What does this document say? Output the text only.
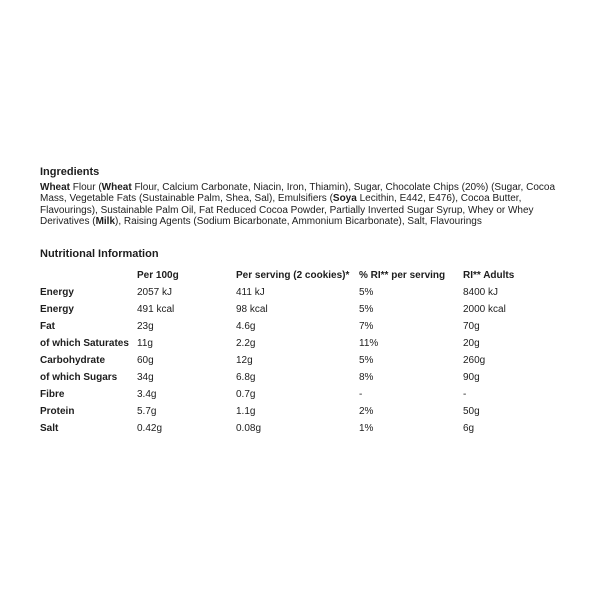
Ingredients

Wheat Flour (Wheat Flour, Calcium Carbonate, Niacin, Iron, Thiamin), Sugar, Chocolate Chips (20%) (Sugar, Cocoa Mass, Vegetable Fats (Sustainable Palm, Shea, Sal), Emulsifiers (Soya Lecithin, E442, E476), Cocoa Butter, Flavourings), Sustainable Palm Oil, Fat Reduced Cocoa Powder, Partially Inverted Sugar Syrup, Whey or Whey Derivatives (Milk), Raising Agents (Sodium Bicarbonate, Ammonium Bicarbonate), Salt, Flavourings

Nutritional Information
	Per 100g	Per serving (2 cookies)*	% RI** per serving	RI** Adults
Energy	2057 kJ	411 kJ	5%	8400 kJ
Energy	491 kcal	98 kcal	5%	2000 kcal
Fat	23g	4.6g	7%	70g
of which Saturates	11g	2.2g	11%	20g
Carbohydrate	60g	12g	5%	260g
of which Sugars	34g	6.8g	8%	90g
Fibre	3.4g	0.7g	-	-
Protein	5.7g	1.1g	2%	50g
Salt	0.42g	0.08g	1%	6g
